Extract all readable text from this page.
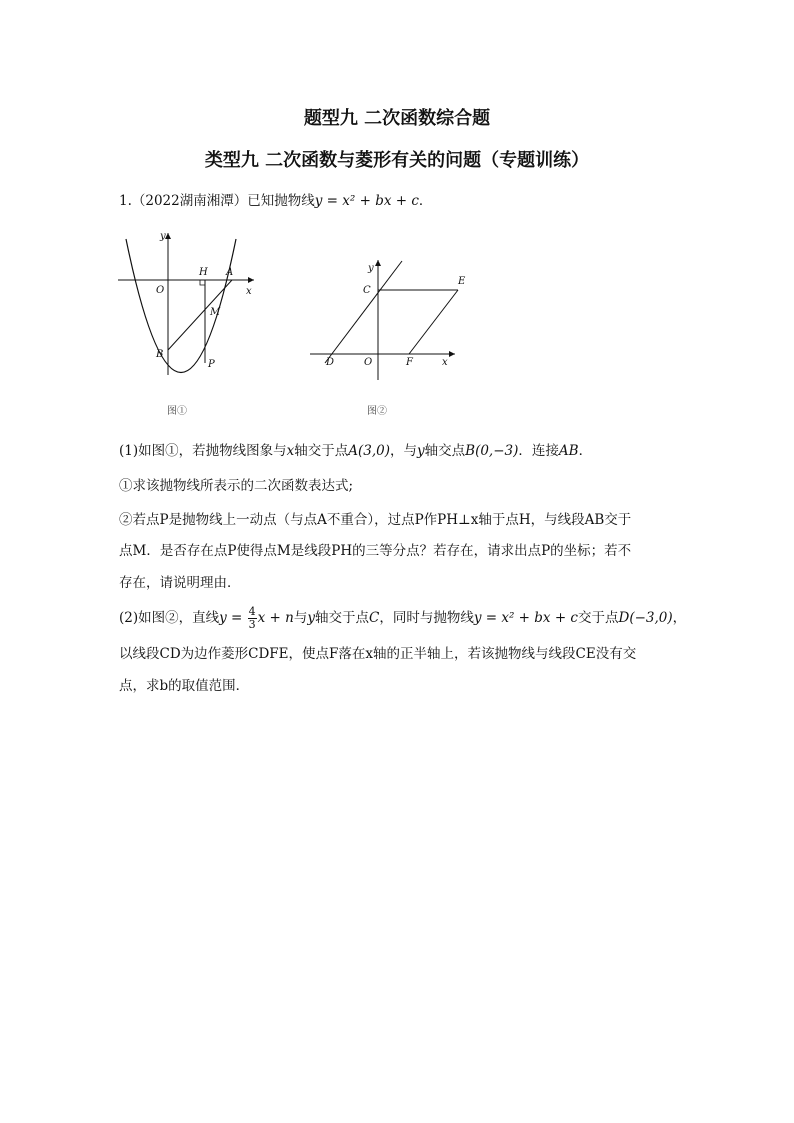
题型九 二次函数综合题
类型九 二次函数与菱形有关的问题（专题训练）
1.（2022湖南湘潭）已知抛物线y = x² + bx + c．
y
x
O
H A
M
B
P
图①
y
x
O
C
E
D	F
图②
(1)如图①，若抛物线图象与x轴交于点A(3,0)，与y轴交点B(0,−3)．连接AB．
①求该抛物线所表示的二次函数表达式;
②若点P是抛物线上一动点（与点A不重合），过点P作PH⊥x轴于点H，与线段AB交于
点M．是否存在点P使得点M是线段PH的三等分点？若存在，请求出点P的坐标；若不
存在，请说明理由．
(2)如图②，直线$y = \frac{4}{3}$ x + n与y轴交于点C，同时与抛物线y = x² + bx + c交于点D(−3,0)，
以线段CD为边作菱形CDFE，使点F落在x轴的正半轴上，若该抛物线与线段CE没有交
点，求b的取值范围．
